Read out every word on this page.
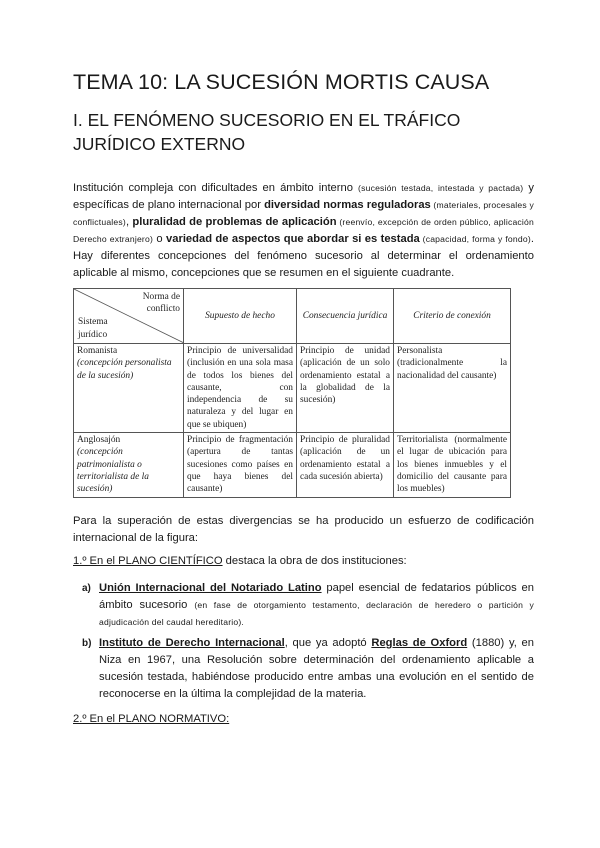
TEMA 10: LA SUCESIÓN MORTIS CAUSA
I. EL FENÓMENO SUCESORIO EN EL TRÁFICO JURÍDICO EXTERNO

Institución compleja con dificultades en ámbito interno (sucesión testada, intestada y pactada) y específicas de plano internacional por diversidad normas reguladoras (materiales, procesales y conflictuales), pluralidad de problemas de aplicación (reenvío, excepción de orden público, aplicación Derecho extranjero) o variedad de aspectos que abordar si es testada (capacidad, forma y fondo). Hay diferentes concepciones del fenómeno sucesorio al determinar el ordenamiento aplicable al mismo, concepciones que se resumen en el siguiente cuadrante.

Norma de conflicto
Sistema jurídico	Supuesto de hecho	Consecuencia jurídica	Criterio de conexión

Romanista
(concepción personalista de la sucesión)	Principio de universalidad (inclusión en una sola masa de todos los bienes del causante, con independencia de su naturaleza y del lugar en que se ubiquen)	Principio de unidad (aplicación de un solo ordenamiento estatal a la globalidad de la sucesión)	Personalista (tradicionalmente la nacionalidad del causante)

Anglosajón
(concepción patrimonialista o territorialista de la sucesión)	Principio de fragmentación (apertura de tantas sucesiones como países en que haya bienes del causante)	Principio de pluralidad (aplicación de un ordenamiento estatal a cada sucesión abierta)	Territorialista (normalmente el lugar de ubicación para los bienes inmuebles y el domicilio del causante para los muebles)

Para la superación de estas divergencias se ha producido un esfuerzo de codificación internacional de la figura:

1.º En el PLANO CIENTÍFICO destaca la obra de dos instituciones:
a) Unión Internacional del Notariado Latino papel esencial de fedatarios públicos en ámbito sucesorio (en fase de otorgamiento testamento, declaración de heredero o partición y adjudicación del caudal hereditario).
b) Instituto de Derecho Internacional, que ya adoptó Reglas de Oxford (1880) y, en Niza en 1967, una Resolución sobre determinación del ordenamiento aplicable a sucesión testada, habiéndose producido entre ambas una evolución en el sentido de reconocerse en la última la complejidad de la materia.
2.º En el PLANO NORMATIVO:
